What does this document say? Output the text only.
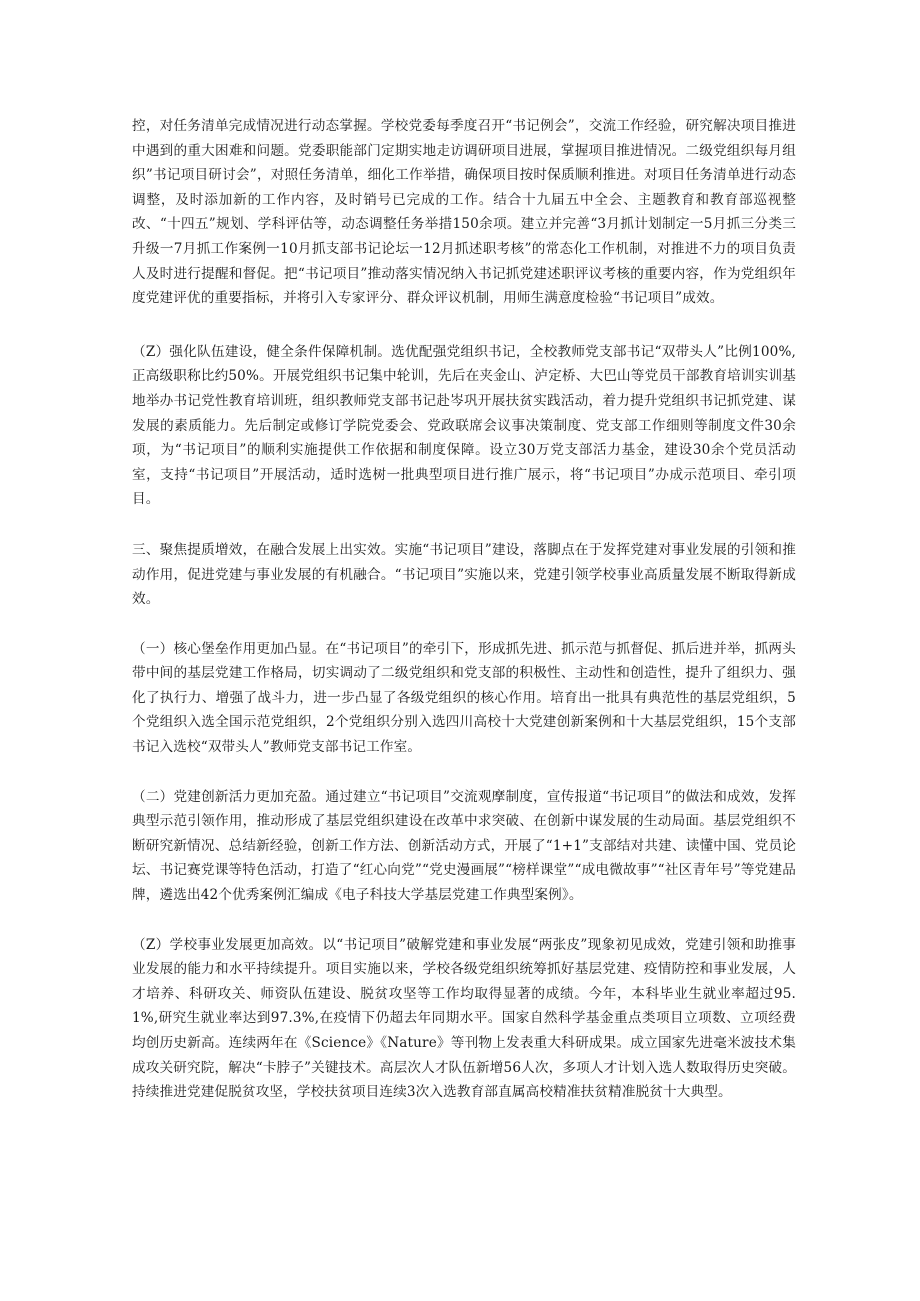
控，对任务清单完成情况进行动态掌握。学校党委每季度召开“书记例会”，交流工作经验，研究解决项目推进中遇到的重大困难和问题。党委职能部门定期实地走访调研项目进展，掌握项目推进情况。二级党组织每月组织”书记项目研讨会”，对照任务清单，细化工作举措，确保项目按时保质顺利推进。对项目任务清单进行动态调整，及时添加新的工作内容，及时销号已完成的工作。结合十九届五中全会、主题教育和教育部巡视整改、“十四五”规划、学科评估等，动态调整任务举措150余项。建立并完善“3月抓计划制定一5月抓三分类三升级一7月抓工作案例一10月抓支部书记论坛一12月抓述职考核”的常态化工作机制，对推进不力的项目负责人及时进行提醒和督促。把“书记项目”推动落实情况纳入书记抓党建述职评议考核的重要内容，作为党组织年度党建评优的重要指标，并将引入专家评分、群众评议机制，用师生满意度检验“书记项目”成效。

（Z）强化队伍建设，健全条件保障机制。选优配强党组织书记，全校教师党支部书记“双带头人”比例100%,正高级职称比约50%。开展党组织书记集中轮训，先后在夹金山、泸定桥、大巴山等党员干部教育培训实训基地举办书记党性教育培训班，组织教师党支部书记赴岑巩开展扶贫实践活动，着力提升党组织书记抓党建、谋发展的素质能力。先后制定或修订学院党委会、党政联席会议事决策制度、党支部工作细则等制度文件30余项，为“书记项目”的顺利实施提供工作依据和制度保障。设立30万党支部活力基金，建设30余个党员活动室，支持“书记项目”开展活动，适时选树一批典型项目进行推广展示，将“书记项目”办成示范项目、牵引项目。

三、聚焦提质增效，在融合发展上出实效。实施“书记项目”建设，落脚点在于发挥党建对事业发展的引领和推动作用，促进党建与事业发展的有机融合。“书记项目”实施以来，党建引领学校事业高质量发展不断取得新成效。

（一）核心堡垒作用更加凸显。在“书记项目”的牵引下，形成抓先进、抓示范与抓督促、抓后进并举，抓两头带中间的基层党建工作格局，切实调动了二级党组织和党支部的积极性、主动性和创造性，提升了组织力、强化了执行力、增强了战斗力，进一步凸显了各级党组织的核心作用。培育出一批具有典范性的基层党组织，5个党组织入选全国示范党组织，2个党组织分别入选四川高校十大党建创新案例和十大基层党组织，15个支部书记入选校“双带头人”教师党支部书记工作室。

（二）党建创新活力更加充盈。通过建立“书记项目”交流观摩制度，宣传报道“书记项目”的做法和成效，发挥典型示范引领作用，推动形成了基层党组织建设在改革中求突破、在创新中谋发展的生动局面。基层党组织不断研究新情况、总结新经验，创新工作方法、创新活动方式，开展了“1+1”支部结对共建、读懂中国、党员论坛、书记赛党课等特色活动，打造了“红心向党”“党史漫画展”“榜样课堂”“成电微故事”“社区青年号”等党建品牌，遴选出42个优秀案例汇编成《电子科技大学基层党建工作典型案例》。

（Z）学校事业发展更加高效。以“书记项目”破解党建和事业发展“两张皮”现象初见成效，党建引领和助推事业发展的能力和水平持续提升。项目实施以来，学校各级党组织统筹抓好基层党建、疫情防控和事业发展，人才培养、科研攻关、师资队伍建设、脱贫攻坚等工作均取得显著的成绩。今年，本科毕业生就业率超过95.1%,研究生就业率达到97.3%,在疫情下仍超去年同期水平。国家自然科学基金重点类项目立项数、立项经费均创历史新高。连续两年在《Science》《Nature》等刊物上发表重大科研成果。成立国家先进毫米波技术集成攻关研究院，解决“卡脖子”关键技术。高层次人才队伍新增56人次，多项人才计划入选人数取得历史突破。持续推进党建促脱贫攻坚，学校扶贫项目连续3次入选教育部直属高校精准扶贫精准脱贫十大典型。
